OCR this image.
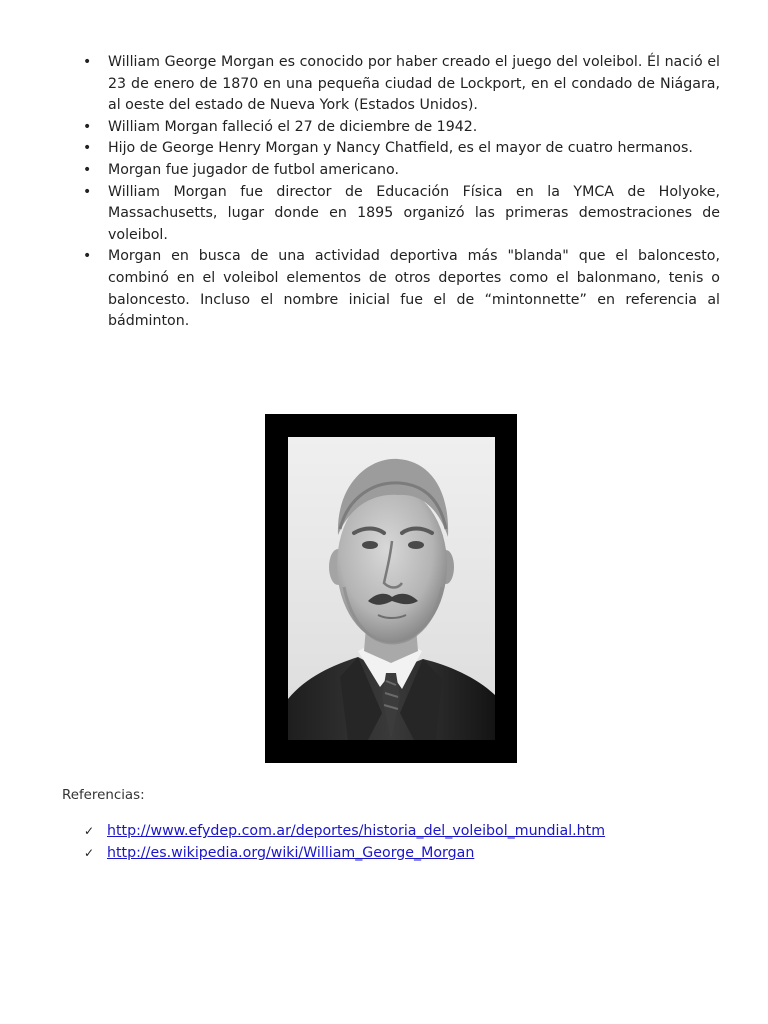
• William George Morgan es conocido por haber creado el juego del voleibol. Él nació el 23 de enero de 1870 en una pequeña ciudad de Lockport, en el condado de Niágara, al oeste del estado de Nueva York (Estados Unidos).
• William Morgan falleció el 27 de diciembre de 1942.
• Hijo de George Henry Morgan y Nancy Chatfield, es el mayor de cuatro hermanos.
• Morgan fue jugador de futbol americano.
• William Morgan fue director de Educación Física en la YMCA de Holyoke, Massachusetts, lugar donde en 1895 organizó las primeras demostraciones de voleibol.
• Morgan en busca de una actividad deportiva más "blanda" que el baloncesto, combinó en el voleibol elementos de otros deportes como el balonmano, tenis o baloncesto. Incluso el nombre inicial fue el de “mintonnette” en referencia al bádminton.

Referencias:

✓ http://www.efydep.com.ar/deportes/historia_del_voleibol_mundial.htm
✓ http://es.wikipedia.org/wiki/William_George_Morgan
